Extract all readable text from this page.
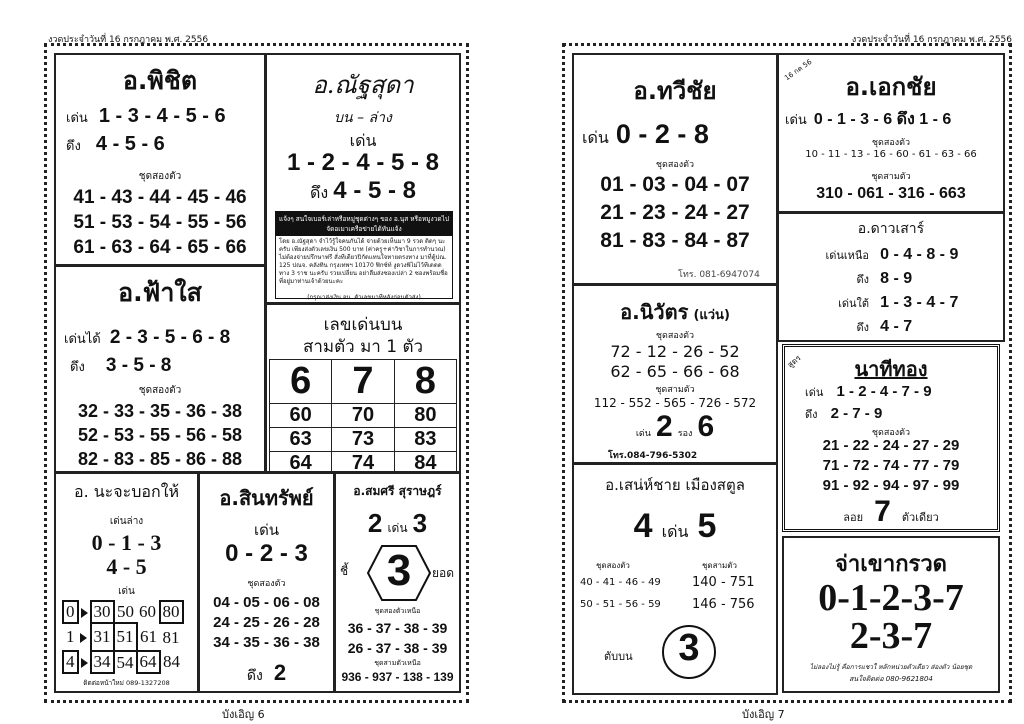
งวดประจำวันที่ 16 กรกฎาคม พ.ศ. 2556
อ.พิชิต
เด่น 1 - 3 - 4 - 5 - 6
ดึง 4 - 5 - 6
ชุดสองตัว
41 - 43 - 44 - 45 - 46
51 - 53 - 54 - 55 - 56
61 - 63 - 64 - 65 - 66
อ.ณัฐสุดา
บน – ล่าง
เด่น
1 - 2 - 4 - 5 - 8
ดึง 4 - 5 - 8
แจ้งๆ สนใจเบอร์เล่าหรือหมู่ชุดต่างๆ ของ อ.นุส หรือหมูงวดไปจัดอเมาเครือข่ายได้ทันแจ้ง
โดย อ.ณัฐสุดา จำไว้รู้ใจคนกันได้ จ่ายด้วยเห็นมา 9 รวด ติดๆ นะครับ เพียงส่งตัวเลขเงิน 500 บาท (ค่าครู+ค่าวิชาในการทำนวณ) ไม่ต้องจ่ายปรึกษาฟรี สั่งทีเดียวปิกัดแทนใจทายตรงทาง มาที่ตู้ปณ. 125 ปณจ. คลังทิน กรุงเทพฯ 10170 ฟิกซ์ท์ งูดวงพิไม่ไว้ทีเดดด ทาง 3 ราช นะครับ รวยเปลี่ยน อย่าลืมส่งซองเปล่า 2 ซองพร้อมชื่อที่อยู่มาท่านเจ้าด้วยนะคะ
(กรุณาส่งเงิน จน. ตัวเลขมาทีหลังก่อนตัวส่ง)
อ.ฟ้าใส
เด่นได้ 2 - 3 - 5 - 6 - 8
ดึง 3 - 5 - 8
ชุดสองตัว
32 - 33 - 35 - 36 - 38
52 - 53 - 55 - 56 - 58
82 - 83 - 85 - 86 - 88
เลขเด่นบน
สามตัว มา 1 ตัว
6	7	8
60	70	80
63	73	83
64	74	84
อ. นะจะบอกให้
เด่นล่าง
0 - 1 - 3
4 - 5
เด่น
0		30	50	60	80
1		31	51	61	81
4		34	54	64	84
ติดต่อหน้าใหม่ 089-1327208
อ.สินทรัพย์
เด่น
0 - 2 - 3
ชุดสองตัว
04 - 05 - 06 - 08
24 - 25 - 26 - 28
34 - 35 - 36 - 38
ดึง 2
อ.สมศรี สุราษฎร์
2 เด่น 3
3
ชี้	ยอด
ชุดสองตัวเหนือ
36 - 37 - 38 - 39
26 - 37 - 38 - 39
ชุดสามตัวเหนือ
936 - 937 - 138 - 139
บังเอิญ 6
งวดประจำวันที่ 16 กรกฎาคม พ.ศ. 2556
อ.ทวีชัย
เด่น 0 - 2 - 8
ชุดสองตัว
01 - 03 - 04 - 07
21 - 23 - 24 - 27
81 - 83 - 84 - 87
โทร. 081-6947074
16 กค 56
อ.เอกชัย
เด่น 0 - 1 - 3 - 6 ดึง 1 - 6
ชุดสองตัว
10 - 11 - 13 - 16 - 60 - 61 - 63 - 66
ชุดสามตัว
310 - 061 - 316 - 663
อ.ดาวเสาร์
เด่นเหนือ 0 - 4 - 8 - 9
ดึง 8 - 9
เด่นใต้ 1 - 3 - 4 - 7
ดึง 4 - 7
อ.นิวัตร (แว่น)
ชุดสองตัว
72 - 12 - 26 - 52
62 - 65 - 66 - 68
ชุดสามตัว
112 - 552 - 565 - 726 - 572
เด่น 2 รอง 6
โทร.084-796-5302
สูตร	นาทีทอง
เด่น 1 - 2 - 4 - 7 - 9
ดึง 2 - 7 - 9
ชุดสองตัว
21 - 22 - 24 - 27 - 29
71 - 72 - 74 - 77 - 79
91 - 92 - 94 - 97 - 99
ลอย 7 ตัวเดียว
อ.เสน่ห์ชาย เมืองสตูล
4 เด่น 5
ชุดสองตัว
40 - 41 - 46 - 49
50 - 51 - 56 - 59
ชุดสามตัว
140 - 751
146 - 756
ตับบน	3
จ่าเขากรวด
0-1-2-3-7
2-3-7
ไม่ลองไม่รู้ คือการแชวใ หลักหน่วยตัวเดียว ส่องตัว น้อยชุด
สนใจติดต่อ 080-9621804
บังเอิญ 7
